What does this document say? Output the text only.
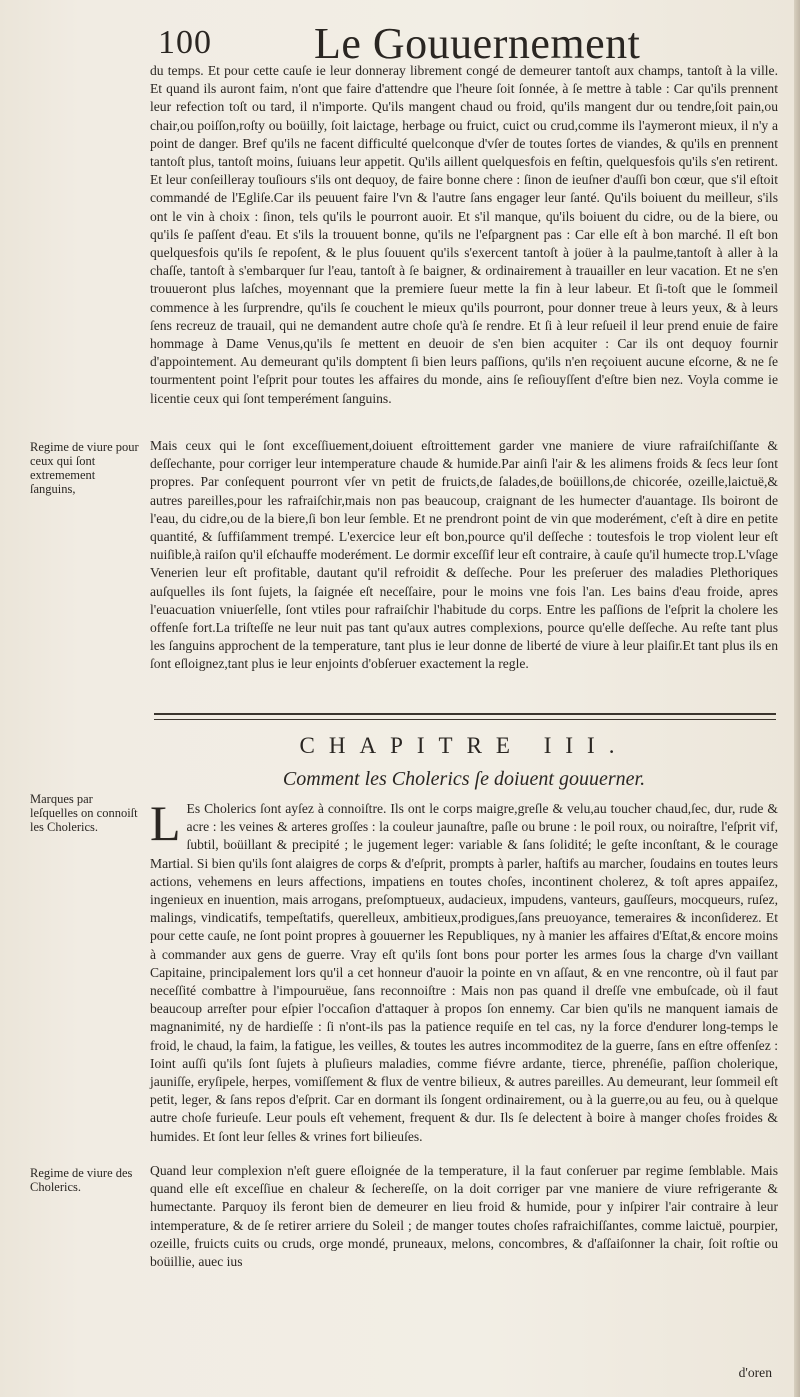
100 Le Gouuernement
du temps. Et pour cette cauſe ie leur donneray librement congé de demeurer tantoſt aux champs, tantoſt à la ville. Et quand ils auront faim, n'ont que faire d'attendre que l'heure ſoit ſonnée, à ſe mettre à table : Car qu'ils prennent leur refection toſt ou tard, il n'importe. Qu'ils mangent chaud ou froid, qu'ils mangent dur ou tendre,ſoit pain,ou chair,ou poiſſon,roſty ou boüilly, ſoit laictage, herbage ou fruict, cuict ou crud,comme ils l'aymeront mieux, il n'y a point de danger. Bref qu'ils ne facent difficulté quelconque d'vſer de toutes ſortes de viandes, & qu'ils en prennent tantoſt plus, tantoſt moins, ſuiuans leur appetit. Qu'ils aillent quelquesfois en feſtin, quelquesfois qu'ils s'en retirent. Et leur conſeilleray touſiours s'ils ont dequoy, de faire bonne chere : ſinon de ieuſner d'auſſi bon cœur, que s'il eſtoit commandé de l'Egliſe.Car ils peuuent faire l'vn & l'autre ſans engager leur ſanté. Qu'ils boiuent du meilleur, s'ils ont le vin à choix : ſinon, tels qu'ils le pourront auoir. Et s'il manque, qu'ils boiuent du cidre, ou de la biere, ou qu'ils ſe paſſent d'eau. Et s'ils la trouuent bonne, qu'ils ne l'eſpargnent pas : Car elle eſt à bon marché. Il eſt bon quelquesfois qu'ils ſe repoſent, & le plus ſouuent qu'ils s'exercent tantoſt à joüer à la paulme,tantoſt à aller à la chaſſe, tantoſt à s'embarquer ſur l'eau, tantoſt à ſe baigner, & ordinairement à trauailler en leur vacation. Et ne s'en trouueront plus laſches, moyennant que la premiere ſueur mette la fin à leur labeur. Et ſi-toſt que le ſommeil commence à les ſurprendre, qu'ils ſe couchent le mieux qu'ils pourront, pour donner treue à leurs yeux, & à leurs ſens recreuz de trauail, qui ne demandent autre choſe qu'à ſe rendre. Et ſi à leur reſueil il leur prend enuie de faire hommage à Dame Venus,qu'ils ſe mettent en deuoir de s'en bien acquiter : Car ils ont dequoy fournir d'appointement. Au demeurant qu'ils domptent ſi bien leurs paſſions, qu'ils n'en reçoiuent aucune eſcorne, & ne ſe tourmentent point l'eſprit pour toutes les affaires du monde, ains ſe reſiouyſſent d'eſtre bien nez. Voyla comme ie licentie ceux qui ſont temperément ſanguins.
Regime de viure pour ceux qui ſont extremement ſanguins,
Mais ceux qui le ſont exceſſiuement,doiuent eſtroittement garder vne maniere de viure rafraiſchiſſante & deſſechante, pour corriger leur intemperature chaude & humide.Par ainſi l'air & les alimens froids & ſecs leur ſont propres. Par conſequent pourront vſer vn petit de fruicts,de ſalades,de boüillons,de chicorée, ozeille,laictuë,& autres pareilles,pour les rafraiſchir,mais non pas beaucoup, craignant de les humecter d'auantage. Ils boiront de l'eau, du cidre,ou de la biere,ſi bon leur ſemble. Et ne prendront point de vin que moderément, c'eſt à dire en petite quantité, & ſuffiſamment trempé. L'exercice leur eſt bon,pource qu'il deſſeche : toutesfois le trop violent leur eſt nuiſible,à raiſon qu'il eſchauffe moderément. Le dormir exceſſif leur eſt contraire, à cauſe qu'il humecte trop.L'vſage Venerien leur eſt profitable, dautant qu'il refroidit & deſſeche. Pour les preſeruer des maladies Plethoriques auſquelles ils ſont ſujets, la ſaignée eſt neceſſaire, pour le moins vne fois l'an. Les bains d'eau froide, apres l'euacuation vniuerſelle, ſont vtiles pour rafraiſchir l'habitude du corps. Entre les paſſions de l'eſprit la cholere les offenſe fort.La triſteſſe ne leur nuit pas tant qu'aux autres complexions, pource qu'elle deſſeche. Au reſte tant plus les ſanguins approchent de la temperature, tant plus ie leur donne de liberté de viure à leur plaiſir.Et tant plus ils en ſont eſloignez,tant plus ie leur enjoints d'obſeruer exactement la regle.
CHAPITRE III.
Comment les Cholerics ſe doiuent gouuerner.
Marques par leſquelles on connoiſt les Cholerics.	L Es Cholerics ſont ayſez à connoiſtre. Ils ont le corps maigre,greſle & velu,au toucher chaud,ſec, dur, rude & acre : les veines & arteres groſſes : la couleur jaunaſtre, paſle ou brune : le poil roux, ou noiraſtre, l'eſprit vif, ſubtil, boüillant & precipité ; le jugement leger: variable & ſans ſolidité; le geſte inconſtant, & le courage Martial. Si bien qu'ils ſont alaigres de corps & d'eſprit, prompts à parler, haſtifs au marcher, ſoudains en toutes leurs actions, vehemens en leurs affections, impatiens en toutes choſes, incontinent cholerez, & toſt apres appaiſez, ingenieux en inuention, mais arrogans, preſomptueux, audacieux, impudens, vanteurs, gauſſeurs, mocqueurs, ruſez, malings, vindicatifs, tempeſtatifs, querelleux, ambitieux,prodigues,ſans preuoyance, temeraires & inconſiderez. Et pour cette cauſe, ne ſont point propres à gouuerner les Republiques, ny à manier les affaires d'Eſtat,& encore moins à commander aux gens de guerre. Vray eſt qu'ils ſont bons pour porter les armes ſous la charge d'vn vaillant Capitaine, principalement lors qu'il a cet honneur d'auoir la pointe en vn aſſaut, & en vne rencontre, où il faut par neceſſité combattre à l'impouruëue, ſans reconnoiſtre : Mais non pas quand il dreſſe vne embuſcade, où il faut beaucoup arreſter pour eſpier l'occaſion d'attaquer à propos ſon ennemy. Car bien qu'ils ne manquent iamais de magnanimité, ny de hardieſſe : ſi n'ont-ils pas la patience requiſe en tel cas, ny la force d'endurer long-temps le froid, le chaud, la faim, la fatigue, les veilles, & toutes les autres incommoditez de la guerre, ſans en eſtre offenſez : Ioint auſſi qu'ils ſont ſujets à pluſieurs maladies, comme fiévre ardante, tierce, phrenéſie, paſſion cholerique, jauniſſe, eryſipele, herpes, vomiſſement & flux de ventre bilieux, & autres pareilles. Au demeurant, leur ſommeil eſt petit, leger, & ſans repos d'eſprit. Car en dormant ils ſongent ordinairement, ou à la guerre,ou au feu, ou à quelque autre choſe furieuſe. Leur pouls eſt vehement, frequent & dur. Ils ſe delectent à boire à manger choſes froides & humides. Et ſont leur ſelles & vrines fort bilieuſes.
Regime de viure des Cholerics.
Quand leur complexion n'eſt guere eſloignée de la temperature, il la faut conſeruer par regime ſemblable. Mais quand elle eſt exceſſiue en chaleur & ſechereſſe, on la doit corriger par vne maniere de viure refrigerante & humectante. Parquoy ils feront bien de demeurer en lieu froid & humide, pour y inſpirer l'air contraire à leur intemperature, & de ſe retirer arriere du Soleil ; de manger toutes choſes rafraichiſſantes, comme laictuë, pourpier, ozeille, fruicts cuits ou cruds, orge mondé, pruneaux, melons, concombres, & d'aſſaiſonner la chair, ſoit roſtie ou boüillie, auec ius
d'oren
